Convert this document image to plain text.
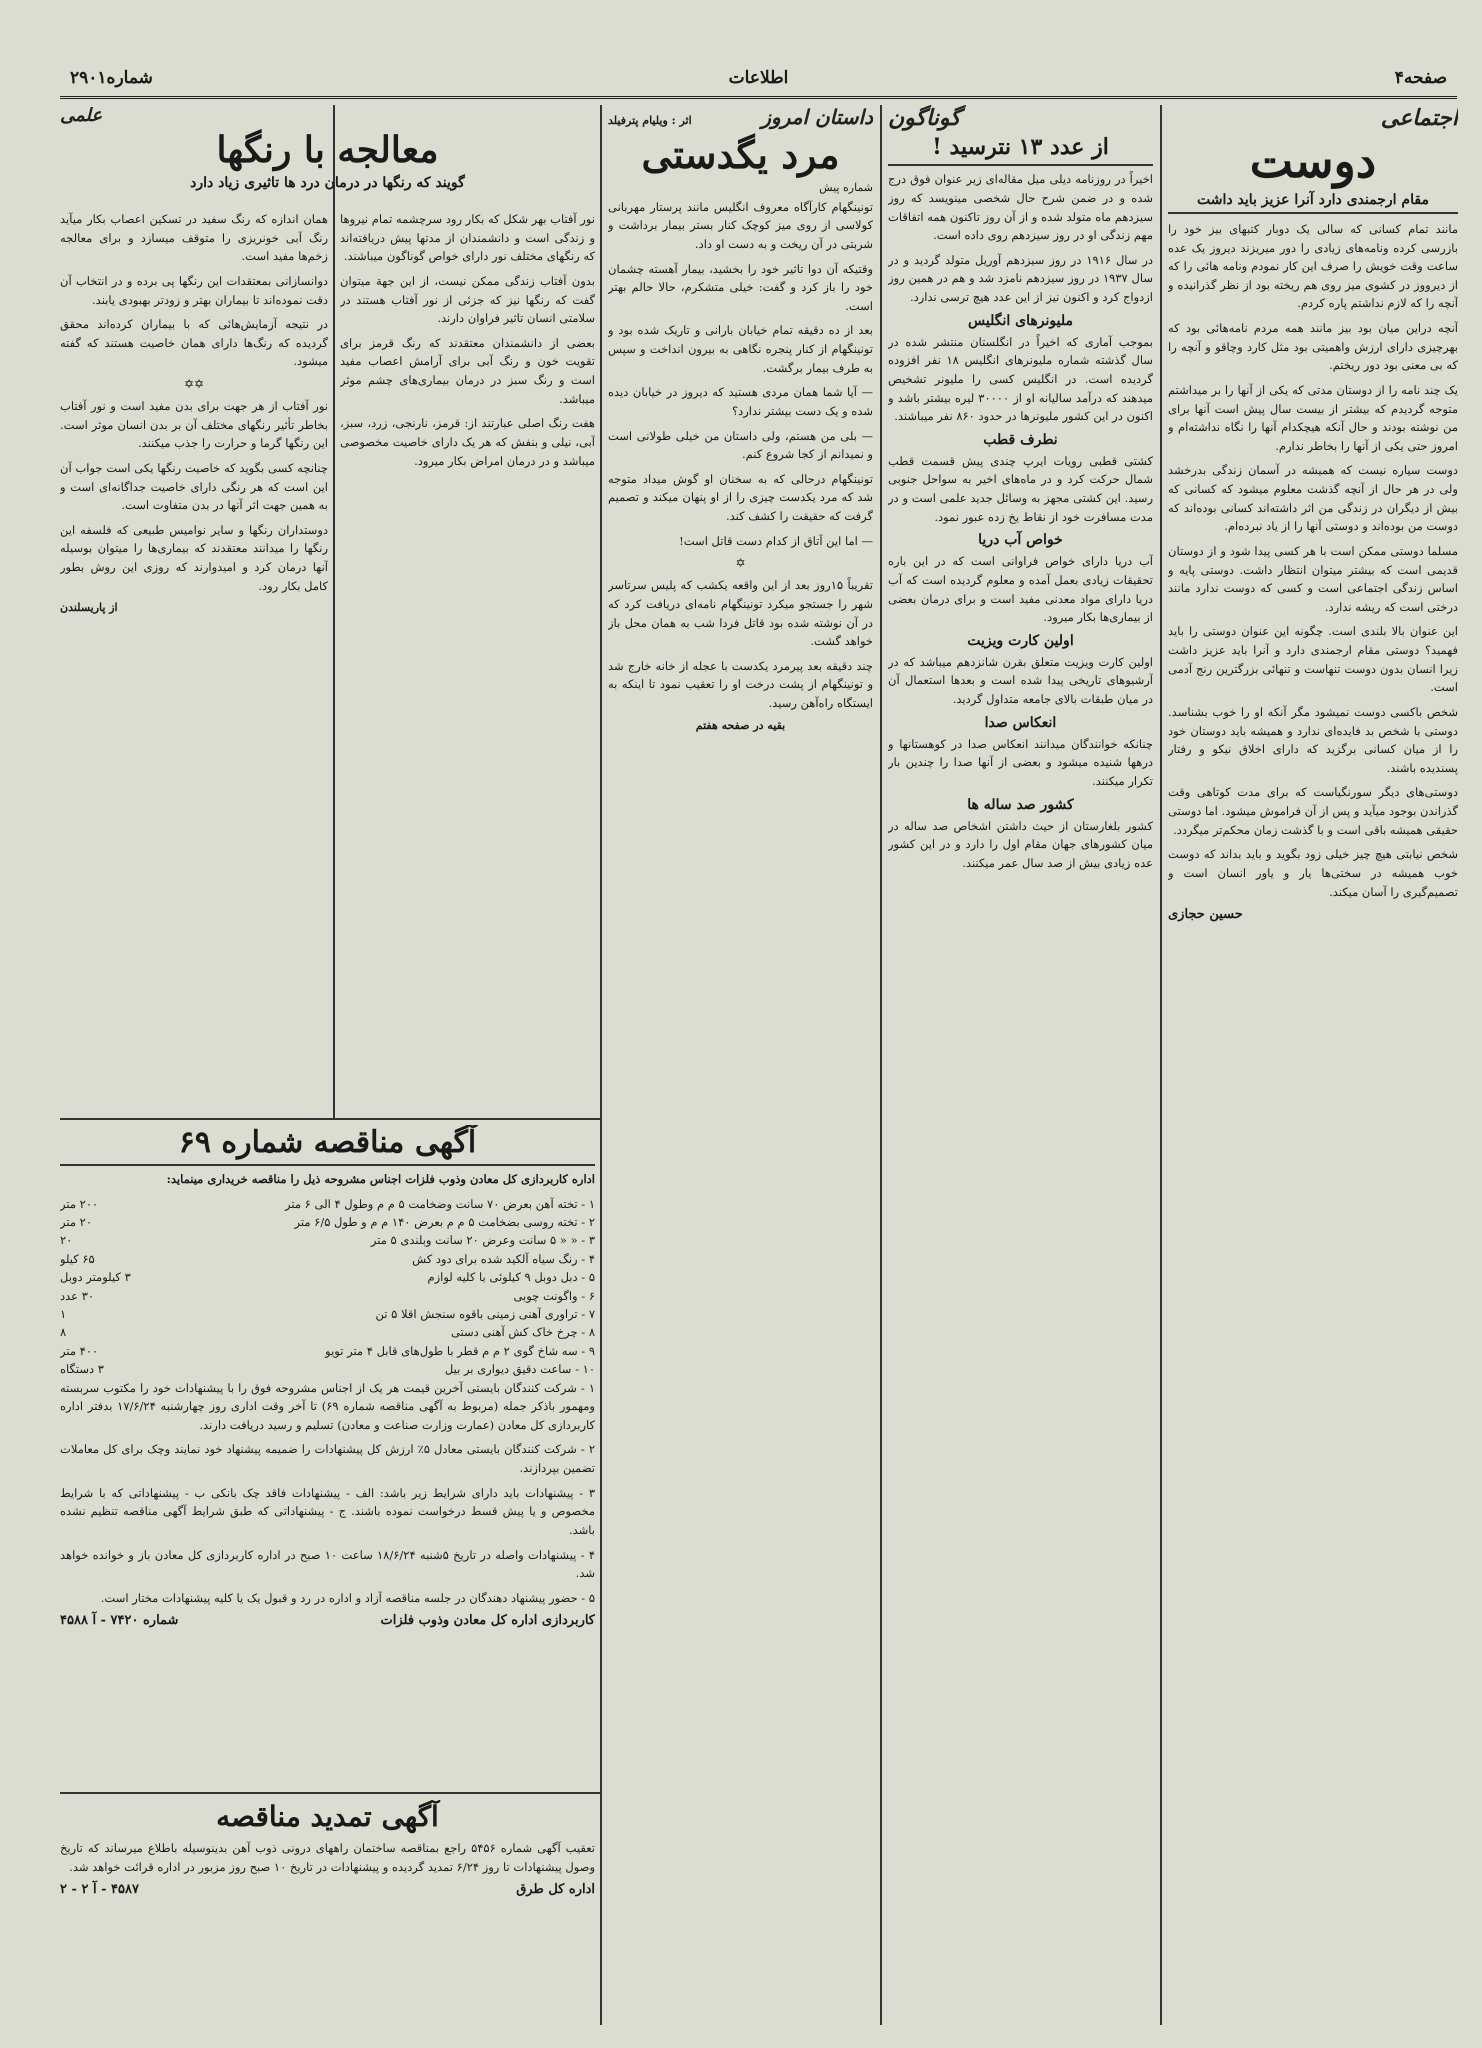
صفحه۴
اطلاعات
شماره۲۹۰۱
اجتماعی
دوست
مقام ارجمندی دارد آنرا عزیز باید داشت

مانند تمام کسانی که سالی یک دوبار کتبهای بیز خود را بازرسی کرده ونامه‌های زیادی را دور میریزند دیروز یک عده ساعت وقت خویش را صرف این کار نمودم ونامه هائی را که از دیرووز در کشوی میز روی هم ریخته بود از نظر گذرانیده و آنچه را که لازم نداشتم پاره کردم.

آنچه دراین میان بود بیز مانند همه مردم نامه‌هائی بود که بهرچیزی دارای ارزش واهمیتی بود مثل کارد وچاقو و آنچه را که بی معنی بود دور ریختم.

یک چند نامه را از دوستان مدتی که یکی از آنها را بر میداشتم متوجه گردیدم که بیشتر از بیست سال پیش است آنها برای من نوشته بودند و حال آنکه هیچکدام آنها را نگاه نداشته‌ام و امروز حتی یکی از آنها را بخاطر ندارم.

دوست سیاره نیست که همیشه در آسمان زندگی بدرخشد ولی در هر حال از آنچه گذشت معلوم میشود که کسانی که بیش از دیگران در زندگی من اثر داشته‌اند کسانی بوده‌اند که دوست من بوده‌اند و دوستی آنها را از یاد نبرده‌ام.

مسلما دوستی ممکن است با هر کسی پیدا شود و از دوستان قدیمی است که بیشتر میتوان انتظار داشت. دوستی پایه و اساس زندگی اجتماعی است و کسی که دوست ندارد مانند درختی است که ریشه ندارد.

این عنوان بالا بلندی است. چگونه این عنوان دوستی را باید فهمید؟ دوستی مقام ارجمندی دارد و آنرا باید عزیز داشت زیرا انسان بدون دوست تنهاست و تنهائی بزرگترین رنج آدمی است.

شخص باکسی دوست نمیشود مگر آنکه او را خوب بشناسد. دوستی با شخص بد فایده‌ای ندارد و همیشه باید دوستان خود را از میان کسانی برگزید که دارای اخلاق نیکو و رفتار پسندیده باشند.

دوستی‌های دیگر سورنگیاست که برای مدت کوتاهی وقت گذراندن بوجود میآید و پس از آن فراموش میشود. اما دوستی حقیقی همیشه باقی است و با گذشت زمان محکم‌تر میگردد.

شخص نیابتی هیچ چیز خیلی زود بگوید و باید بداند که دوست خوب همیشه در سختی‌ها یار و یاور انسان است و تصمیم‌گیری را آسان میکند.

حسین حجازی
گوناگون
از عدد ۱۳ نترسید !

اخیراً در روزنامه دیلی میل مقاله‌ای زیر عنوان فوق درج شده و در ضمن شرح حال شخصی مینویسد که روز سیزدهم ماه متولد شده و از آن روز تاکنون همه اتفاقات مهم زندگی او در روز سیزدهم روی داده است.

در سال ۱۹۱۶ در روز سیزدهم آوریل متولد گردید و در سال ۱۹۳۷ در روز سیزدهم نامزد شد و هم در همین روز ازدواج کرد و اکنون نیز از این عدد هیچ ترسی ندارد.

ملیونرهای انگلیس

بموجب آماری که اخیراً در انگلستان منتشر شده در سال گذشته شماره ملیونرهای انگلیس ۱۸ نفر افزوده گردیده است. در انگلیس کسی را ملیونر تشخیص میدهند که درآمد سالیانه او از ۳۰۰۰۰ لیره بیشتر باشد و اکنون در این کشور ملیونرها در حدود ۸۶۰ نفر میباشند.

نطرف قطب

کشتی قطبی رویات ایرپ چندی پیش قسمت قطب شمال حرکت کرد و در ماه‌های اخیر به سواحل جنوبی رسید. این کشتی مجهز به وسائل جدید علمی است و در مدت مسافرت خود از نقاط یخ زده عبور نمود.

خواص آب دریا

آب دریا دارای خواص فراوانی است که در این باره تحقیقات زیادی بعمل آمده و معلوم گردیده است که آب دریا دارای مواد معدنی مفید است و برای درمان بعضی از بیماری‌ها بکار میرود.

اولین کارت ویزیت

اولین کارت ویزیت متعلق بقرن شانزدهم میباشد که در آرشیوهای تاریخی پیدا شده است و بعدها استعمال آن در میان طبقات بالای جامعه متداول گردید.

انعکاس صدا

چنانکه خوانندگان میدانند انعکاس صدا در کوهستانها و درهها شنیده میشود و بعضی از آنها صدا را چندین بار تکرار میکنند.

کشور صد ساله ها

کشور بلغارستان از حیث داشتن اشخاص صد ساله در میان کشورهای جهان مقام اول را دارد و در این کشور عده زیادی بیش از صد سال عمر میکنند.

داستان امروز
اثر : ویلیام پترفیلد
مرد یگدستی
شماره پیش

تونینگهام کارآگاه معروف انگلیس مانند پرستار مهربانی کولاسی از روی میز کوچک کنار بستر بیمار برداشت و شربتی در آن ریخت و به دست او داد.

وقتیکه آن دوا تاثیر خود را بخشید، بیمار آهسته چشمان خود را باز کرد و گفت: خیلی متشکرم، حالا حالم بهتر است.

بعد از ده دقیقه تمام خیابان بارانی و تاریک شده بود و تونینگهام از کنار پنجره نگاهی به بیرون انداخت و سپس به طرف بیمار برگشت.

— آیا شما همان مردی هستید که دیروز در خیابان دیده شده و یک دست بیشتر ندارد؟

— بلی من هستم، ولی داستان من خیلی طولانی است و نمیدانم از کجا شروع کنم.

تونینگهام درحالی که به سخنان او گوش میداد متوجه شد که مرد یکدست چیزی را از او پنهان میکند و تصمیم گرفت که حقیقت را کشف کند.

— اما این آتاق از کدام دست قاتل است!

✡

تقریباً ۱۵روز بعد از این واقعه یکشب که پلیس سرتاسر شهر را جستجو میکرد تونینگهام نامه‌ای دریافت کرد که در آن نوشته شده بود قاتل فردا شب به همان محل باز خواهد گشت.

چند دقیقه بعد پیرمرد یکدست با عجله از خانه خارج شد و تونینگهام از پشت درخت او را تعقیب نمود تا اینکه به ایستگاه راه‌آهن رسید.

بقیه در صفحه هفتم
علمی
معالجه با رنگها
گویند که رنگها در درمان درد ها تاثیری زیاد دارد

نور آفتاب بهر شکل که بکار رود سرچشمه تمام نیروها و زندگی است و دانشمندان از مدتها پیش دریافته‌اند که رنگهای مختلف نور دارای خواص گوناگون میباشند.

بدون آفتاب زندگی ممکن نیست، از این جهة میتوان گفت که رنگها نیز که جزئی از نور آفتاب هستند در سلامتی انسان تاثیر فراوان دارند.

بعضی از دانشمندان معتقدند که رنگ قرمز برای تقویت خون و رنگ آبی برای آرامش اعصاب مفید است و رنگ سبز در درمان بیماری‌های چشم موثر میباشد.

هفت رنگ اصلی عبارتند از: قرمز، نارنجی، زرد، سبز، آبی، نیلی و بنفش که هر یک دارای خاصیت مخصوصی میباشد و در درمان امراض بکار میرود.

همان اندازه که رنگ سفید در تسکین اعصاب بکار میآید رنگ آبی خونریزی را متوقف میسازد و برای معالجه زخم‌ها مفید است.

دوانسازانی بمعتقدات این رنگها پی برده و در انتخاب آن دقت نموده‌اند تا بیماران بهتر و زودتر بهبودی یابند.

در نتیجه آزمایش‌هائی که با بیماران کرده‌اند محقق گردیده که رنگ‌ها دارای همان خاصیت هستند که گفته میشود.

✡✡

نور آفتاب از هر جهت برای بدن مفید است و نور آفتاب بخاطر تأثیر رنگهای مختلف آن بر بدن انسان موثر است. این رنگها گرما و حرارت را جذب میکنند.

چنانچه کسی بگوید که خاصیت رنگها یکی است جواب آن این است که هر رنگی دارای خاصیت جداگانه‌ای است و به همین جهت اثر آنها در بدن متفاوت است.

دوستداران رنگها و سایر نوامیس طبیعی که فلسفه این رنگها را میدانند معتقدند که بیماری‌ها را میتوان بوسیله آنها درمان کرد و امیدوارند که روزی این روش بطور کامل بکار رود.

از پاریسلندن
آگهی مناقصه شماره ۶۹

اداره کاربردازی کل معادن وذوب فلزات اجناس مشروحه ذیل را مناقصه خریداری مینماید:

۱ - تخته آهن بعرض ۷۰ سانت وضخامت ۵ م م وطول ۴ الی ۶ متر
۲۰۰ متر
۲ - تخته روسی بضخامت ۵ م م بعرض ۱۴۰ م م و طول ۶/۵ متر
۲۰ متر
۳ - « « ۵ سانت وعرض ۲۰ سانت وبلندی ۵ متر
۲۰
۴ - رنگ سیاه آلکید شده برای دود کش
۶۵ کیلو
۵ - دبل دوبل ۹ کیلوئی با کلیه لوازم
۳ کیلومتر دوبل
۶ - واگونت چوبی
۳۰ عدد
۷ - تراوری آهنی زمینی باقوه سنجش اقلا ۵ تن
۱
۸ - چرخ خاک کش آهنی دستی
۸
۹ - سه شاخ گوی ۲ م م قطر با طول‌های قابل ۴ متر تویو
۴۰۰ متر
۱۰ - ساعت دقیق دیواری بر بیل
۳ دستگاه

۱ - شرکت کنندگان بایستی آخرین قیمت هر یک از اجناس مشروحه فوق را با پیشنهادات خود را مکتوب سربسته ومهمور باذکر جمله (مربوط به آگهی مناقصه شماره ۶۹) تا آخر وقت اداری روز چهارشنبه ۱۷/۶/۲۴ بدفتر اداره کاربردازی کل معادن (عمارت وزارت صناعت و معادن) تسلیم و رسید دریافت دارند.

۲ - شرکت کنندگان بایستی معادل ۵٪ ارزش کل پیشنهادات را ضمیمه پیشنهاد خود نمایند وچک برای کل معاملات تضمین بپردازند.

۳ - پیشنهادات باید دارای شرایط زیر باشد: الف - پیشنهادات فاقد چک بانکی ب - پیشنهاداتی که با شرایط مخصوص و یا پیش قسط درخواست نموده باشند. ج - پیشنهاداتی که طبق شرایط آگهی مناقصه تنظیم نشده باشد.

۴ - پیشنهادات واصله در تاریخ ۵شنبه ۱۸/۶/۲۴ ساعت ۱۰ صبح در اداره کاربردازی کل معادن باز و خوانده خواهد شد.

۵ - حضور پیشنهاد دهندگان در جلسه مناقصه آزاد و اداره در رد و قبول یک یا کلیه پیشنهادات مختار است.

کاربردازی اداره کل معادن وذوب فلزات
شماره ۷۴۲۰ - آ ۴۵۸۸
آگهی تمدید مناقصه

تعقیب آگهی شماره ۵۴۵۶ راجع بمناقصه ساختمان راههای درونی ذوب آهن بدینوسیله باطلاع میرساند که تاریخ وصول پیشنهادات تا روز ۶/۲۴ تمدید گردیده و پیشنهادات در تاریخ ۱۰ صبح روز مزبور در اداره قرائت خواهد شد.

اداره کل طرق
۴۵۸۷ - آ ۲ - ۲
